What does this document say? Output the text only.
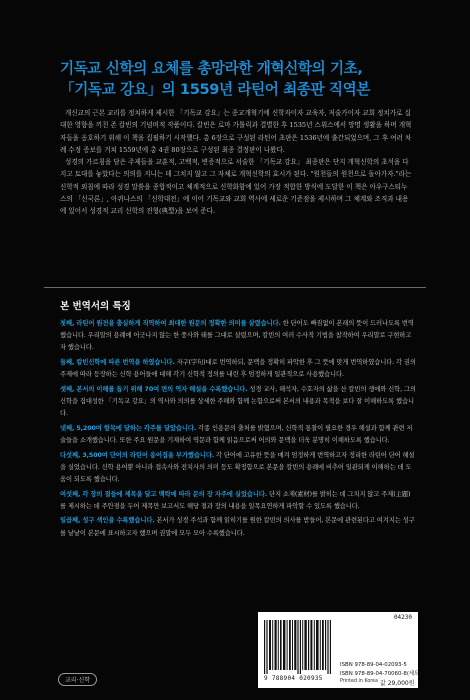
기독교 신학의 요체를 총망라한 개혁신학의 기초,
「기독교 강요」의 1559년 라틴어 최종판 직역본

개신교의 근본 교리를 정치하게 제시한 「기독교 강요」는 종교개혁기에 신학자이자 교육자, 저술가이자 교회 정치가로 십대한 영향을 끼친 존 칼빈의 기념비적 작품이다. 칼빈은 로마 가톨릭과 결별한 후 1535년 스위스에서 망명 생활을 하며 개혁자들을 옹호하기 위해 이 책을 집필하기 시작했다. 총 6장으로 구성된 라틴어 초판은 1536년에 출간되었으며, 그 후 여러 차례 수정 증보를 거쳐 1559년에 총 4권 80장으로 구성된 최종 결정판이 나왔다.

성경의 가르침을 담은 주제들을 교훈적, 고백적, 변증적으로 서술한 「기독교 강요」 최종판은 단지 개혁신학의 초석을 다지고 토대를 놓았다는 의의를 지니는 데 그치지 않고 그 자체로 개혁신학의 효시가 된다. "원천들의 원천으로 돌아가자."라는 신학적 외침에 따라 성경 말씀을 종합적이고 체계적으로 신학화함에 있어 가장 적합한 방식에 도달한 이 책은 아우구스티누스의 「신국론」, 아퀴나스의 「신학대전」에 이어 기독교와 교회 역사에 새로운 기준점을 제시하며 그 체계와 조직과 내용에 있어서 성경적 교리 신학의 전형(典型)을 보여 준다.

본 번역서의 특징

첫째, 라틴어 원전을 충실하게 직역하여 최대한 원문의 정확한 의미를 살렸습니다. 한 단어도 빠짐없이 본래의 뜻이 드러나도록 번역했습니다. 우리말의 용례에 어긋나지 않는 한 풍사와 태를 그대로 살렸으며, 칼빈의 여러 수사적 기법을 참작하여 우리말로 구현하고자 했습니다.

둘째, 칼빈신학에 따른 번역을 하였습니다. 자구(字句)대로 번역하되, 문맥을 정확히 파악한 후 그 뜻에 맞게 번역하였습니다. 각 권의 주제에 따라 등장하는 신학 용어들에 대해 각기 신학적 정의를 내린 후 엄정하게 일관적으로 사용했습니다.

셋째, 본서의 이해를 돕기 위해 70여 면의 역자 해설을 수록했습니다. 성경 교사, 해석자, 수호자의 삶을 산 칼빈의 생애와 신학, 그의 신학을 집대성한 「기독교 강요」의 역사와 의의를 상세한 주해와 함께 논함으로써 본서의 내용과 목적을 보다 잘 이해하도록 했습니다.

넷째, 5,200여 항목에 달하는 각주를 달았습니다. 각종 인용문의 출처를 밝혔으며, 신학적 통찰이 필요한 경우 해설과 함께 관련 저술들을 소개했습니다. 또한 주요 원문을 기재하여 역문과 함께 읽음으로써 어의와 문맥을 더욱 분명히 이해하도록 했습니다.

다섯째, 3,500여 단어의 라틴어 용어집을 부가했습니다. 각 단어에 고유한 뜻을 매겨 엄정하게 번역하고자 정리한 라틴어 단어 해설을 실었습니다. 신학 용어뿐 아니라 접속사와 전치사의 의미 등도 확정함으로 본문을 칼빈의 용례에 비추어 일관되게 이해하는 데 도움이 되도록 했습니다.

여섯째, 각 장의 절들에 제목을 달고 맥락에 따라 문의 장 자주에 실었습니다. 단지 소재(素材)를 밝히는 데 그치지 않고 주제(主題)를 제시하는 데 주안점을 두어 제목만 보고서도 해당 절과 장의 내용을 일목요연하게 파악할 수 있도록 했습니다.

일곱째, 성구 색인을 수록했습니다. 본서가 성경 주석과 함께 읽히기를 원한 칼빈의 의사를 받들어, 본문에 관련된다고 여겨지는 성구를 낱낱이 본문에 표시하고자 했으며 권말에 모두 모아 수록했습니다.

04230
9 788904 020935
ISBN 978-89-04-02093-5
ISBN 978-89-04-70060-8(세트)
Printed in Korea 값 29,000원
교리·신학
